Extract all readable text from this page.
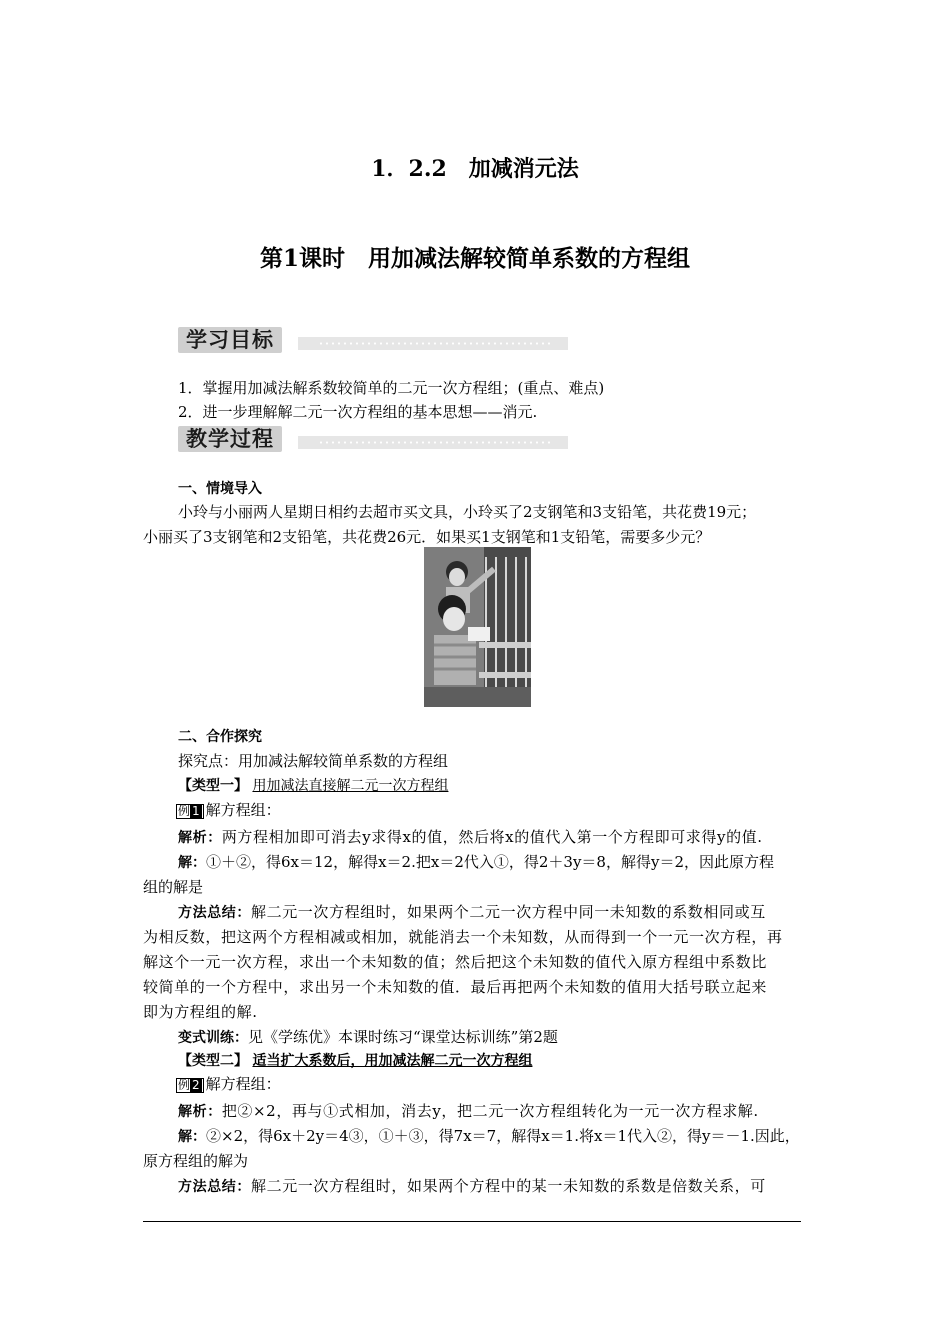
1．2.2　加减消元法
第1课时　用加减法解较简单系数的方程组
学习目标
1．掌握用加减法解系数较简单的二元一次方程组；(重点、难点)
2．进一步理解解二元一次方程组的基本思想——消元.
教学过程
一、情境导入
小玲与小丽两人星期日相约去超市买文具，小玲买了2支钢笔和3支铅笔，共花费19元；
小丽买了3支钢笔和2支铅笔，共花费26元．如果买1支钢笔和1支铅笔，需要多少元？
二、合作探究
探究点：用加减法解较简单系数的方程组
【类型一】 用加减法直接解二元一次方程组
例 1 解方程组：
解析：两方程相加即可消去y求得x的值，然后将x的值代入第一个方程即可求得y的值.
解：①＋②，得6x＝12，解得x＝2.把x＝2代入①，得2＋3y＝8，解得y＝2，因此原方程
组的解是
方法总结：解二元一次方程组时，如果两个二元一次方程中同一未知数的系数相同或互
为相反数，把这两个方程相减或相加，就能消去一个未知数，从而得到一个一元一次方程，再
解这个一元一次方程，求出一个未知数的值；然后把这个未知数的值代入原方程组中系数比
较简单的一个方程中，求出另一个未知数的值．最后再把两个未知数的值用大括号联立起来
即为方程组的解.
变式训练：见《学练优》本课时练习“课堂达标训练”第2题
【类型二】 适当扩大系数后，用加减法解二元一次方程组
例 2 解方程组：
解析：把②×2，再与①式相加，消去y，把二元一次方程组转化为一元一次方程求解.
解：②×2，得6x＋2y＝4③，①＋③，得7x＝7，解得x＝1.将x＝1代入②，得y＝－1.因此，
原方程组的解为
方法总结：解二元一次方程组时，如果两个方程中的某一未知数的系数是倍数关系，可
